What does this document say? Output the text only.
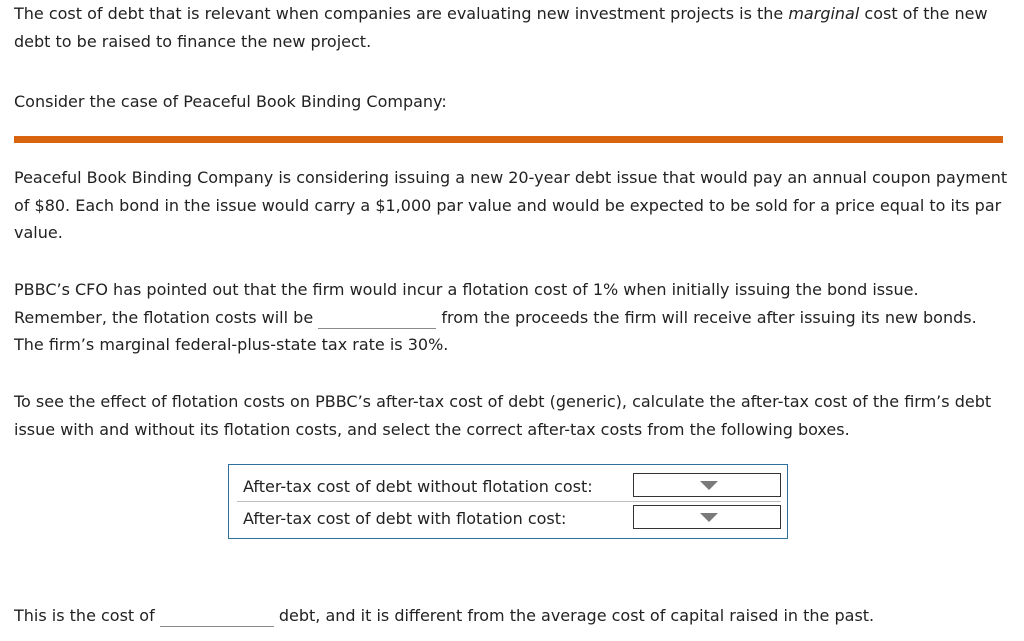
The cost of debt that is relevant when companies are evaluating new investment projects is the marginal cost of the new debt to be raised to finance the new project.

Consider the case of Peaceful Book Binding Company:

Peaceful Book Binding Company is considering issuing a new 20-year debt issue that would pay an annual coupon payment of $80. Each bond in the issue would carry a $1,000 par value and would be expected to be sold for a price equal to its par value.

PBBC’s CFO has pointed out that the firm would incur a flotation cost of 1% when initially issuing the bond issue. Remember, the flotation costs will be	from the proceeds the firm will receive after issuing its new bonds. The firm’s marginal federal-plus-state tax rate is 30%.

To see the effect of flotation costs on PBBC’s after-tax cost of debt (generic), calculate the after-tax cost of the firm’s debt issue with and without its flotation costs, and select the correct after-tax costs from the following boxes.

After-tax cost of debt without flotation cost:
After-tax cost of debt with flotation cost:

This is the cost of	debt, and it is different from the average cost of capital raised in the past.
